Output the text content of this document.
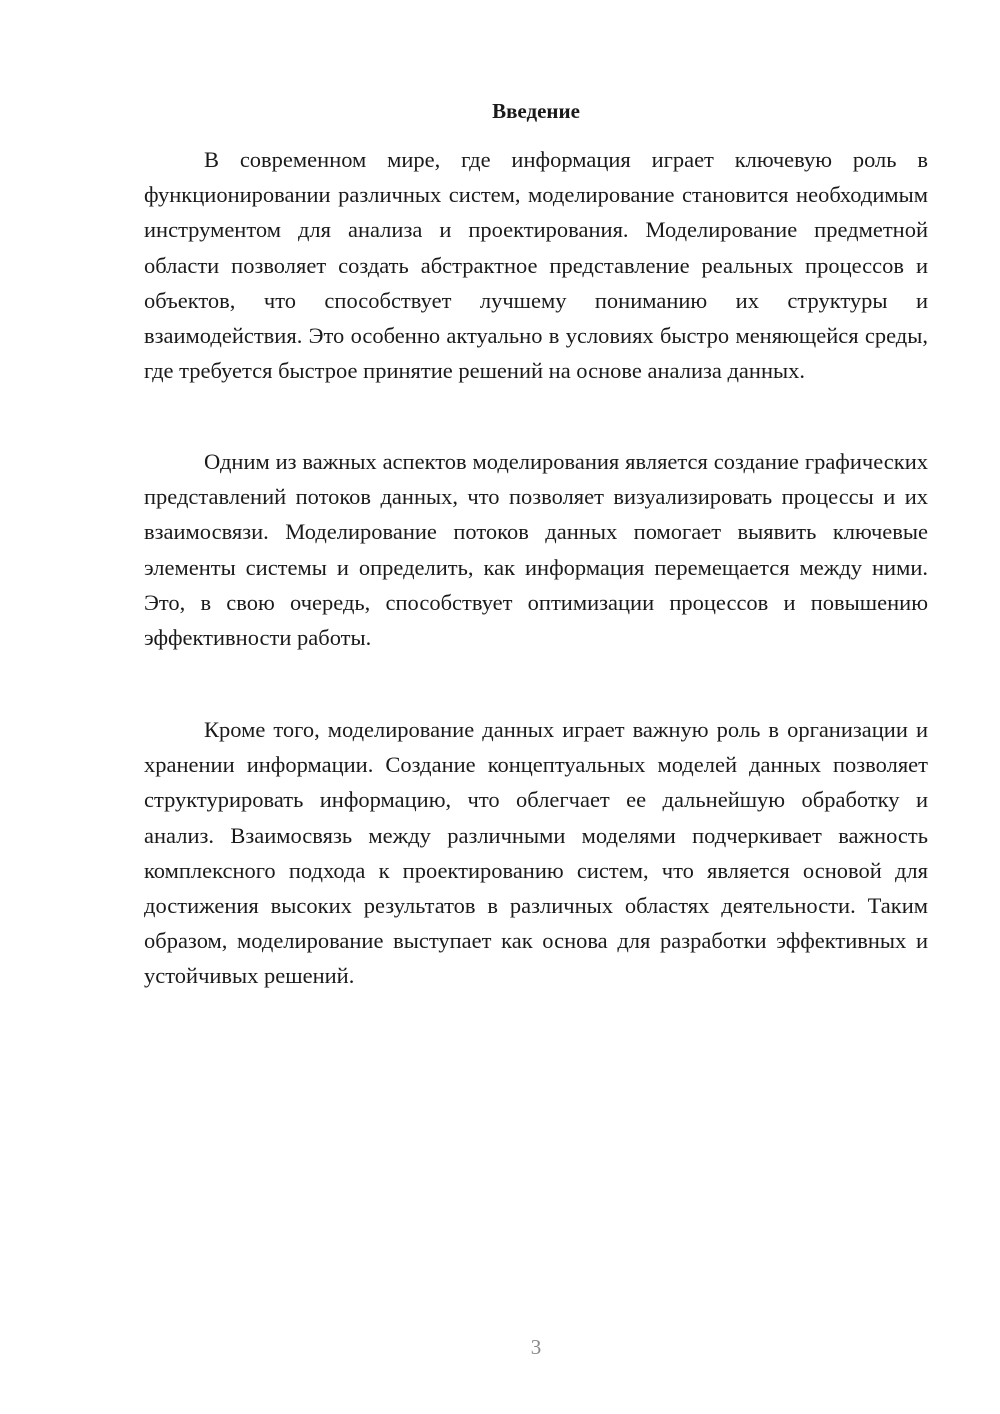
Введение

В современном мире, где информация играет ключевую роль в функционировании различных систем, моделирование становится необходимым инструментом для анализа и проектирования. Моделирование предметной области позволяет создать абстрактное представление реальных процессов и объектов, что способствует лучшему пониманию их структуры и взаимодействия. Это особенно актуально в условиях быстро меняющейся среды, где требуется быстрое принятие решений на основе анализа данных.

Одним из важных аспектов моделирования является создание графических представлений потоков данных, что позволяет визуализировать процессы и их взаимосвязи. Моделирование потоков данных помогает выявить ключевые элементы системы и определить, как информация перемещается между ними. Это, в свою очередь, способствует оптимизации процессов и повышению эффективности работы.

Кроме того, моделирование данных играет важную роль в организации и хранении информации. Создание концептуальных моделей данных позволяет структурировать информацию, что облегчает ее дальнейшую обработку и анализ. Взаимосвязь между различными моделями подчеркивает важность комплексного подхода к проектированию систем, что является основой для достижения высоких результатов в различных областях деятельности. Таким образом, моделирование выступает как основа для разработки эффективных и устойчивых решений.

3
